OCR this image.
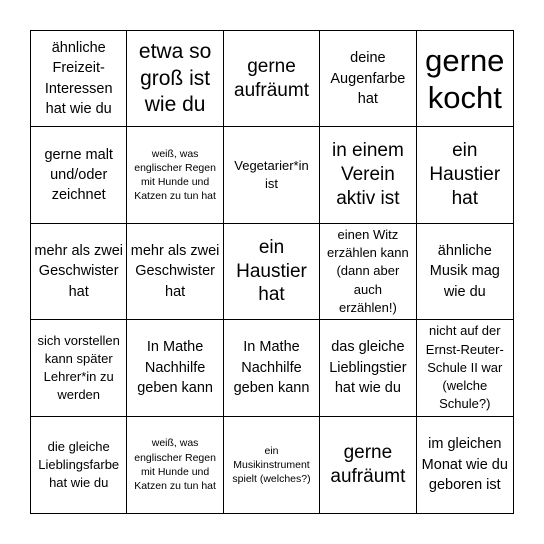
ähnliche Freizeit-Interessen hat wie du
etwa so groß ist wie du
gerne aufräumt
deine Augenfarbe hat
gerne kocht
gerne malt und/oder zeichnet
weiß, was englischer Regen mit Hunde und Katzen zu tun hat
Vegetarier*in ist
in einem Verein aktiv ist
ein Haustier hat
mehr als zwei Geschwister hat
mehr als zwei Geschwister hat
ein Haustier hat
einen Witz erzählen kann (dann aber auch erzählen!)
ähnliche Musik mag wie du
sich vorstellen kann später Lehrer*in zu werden
In Mathe Nachhilfe geben kann
In Mathe Nachhilfe geben kann
das gleiche Lieblingstier hat wie du
nicht auf der Ernst-Reuter-Schule II war (welche Schule?)
die gleiche Lieblingsfarbe hat wie du
weiß, was englischer Regen mit Hunde und Katzen zu tun hat
ein Musikinstrument spielt (welches?)
gerne aufräumt
im gleichen Monat wie du geboren ist
